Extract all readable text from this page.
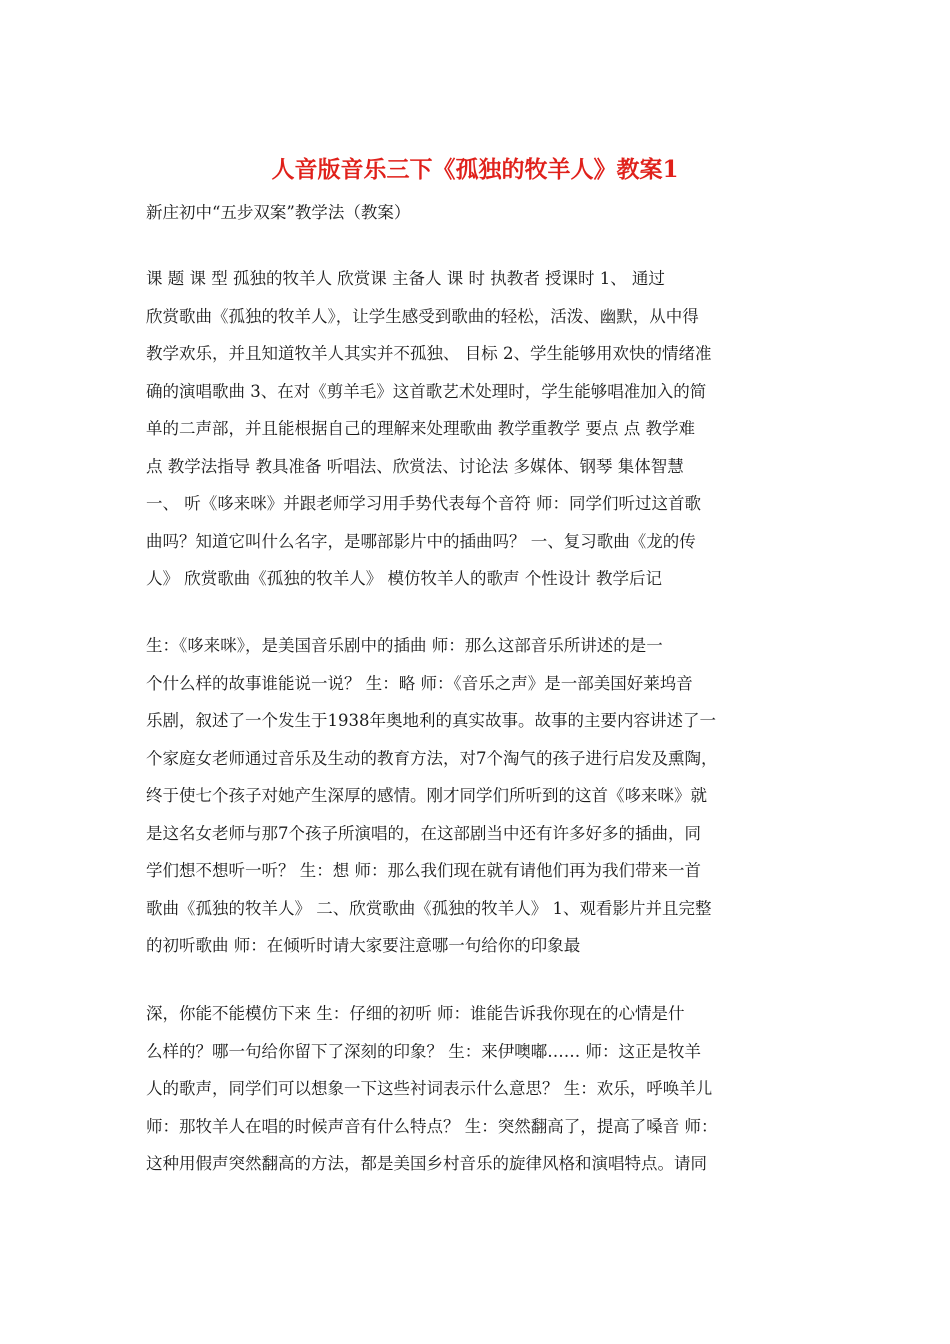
人音版音乐三下《孤独的牧羊人》教案1
新庄初中“五步双案”教学法（教案）
课 题 课 型 孤独的牧羊人 欣赏课 主备人 课 时 执教者 授课时 1、 通过
欣赏歌曲《孤独的牧羊人》，让学生感受到歌曲的轻松，活泼、幽默，从中得
教学欢乐，并且知道牧羊人其实并不孤独、 目标 2、学生能够用欢快的情绪准
确的演唱歌曲 3、在对《剪羊毛》这首歌艺术处理时，学生能够唱准加入的简
单的二声部，并且能根据自己的理解来处理歌曲 教学重教学 要点 点 教学难
点 教学法指导 教具准备 听唱法、欣赏法、讨论法 多媒体、钢琴 集体智慧
一、 听《哆来咪》并跟老师学习用手势代表每个音符 师：同学们听过这首歌
曲吗？知道它叫什么名字，是哪部影片中的插曲吗？ 一、复习歌曲《龙的传
人》 欣赏歌曲《孤独的牧羊人》 模仿牧羊人的歌声 个性设计 教学后记
生：《哆来咪》，是美国音乐剧中的插曲 师：那么这部音乐所讲述的是一
个什么样的故事谁能说一说？ 生：略 师：《音乐之声》是一部美国好莱坞音
乐剧，叙述了一个发生于1938年奥地利的真实故事。故事的主要内容讲述了一
个家庭女老师通过音乐及生动的教育方法，对7个淘气的孩子进行启发及熏陶，
终于使七个孩子对她产生深厚的感情。刚才同学们所听到的这首《哆来咪》就
是这名女老师与那7个孩子所演唱的，在这部剧当中还有许多好多的插曲，同
学们想不想听一听？ 生：想 师：那么我们现在就有请他们再为我们带来一首
歌曲《孤独的牧羊人》 二、欣赏歌曲《孤独的牧羊人》 1、观看影片并且完整
的初听歌曲 师：在倾听时请大家要注意哪一句给你的印象最
深，你能不能模仿下来 生：仔细的初听 师：谁能告诉我你现在的心情是什
么样的？哪一句给你留下了深刻的印象？ 生：来伊噢嘟…… 师：这正是牧羊
人的歌声，同学们可以想象一下这些衬词表示什么意思？ 生：欢乐，呼唤羊儿
师：那牧羊人在唱的时候声音有什么特点？ 生：突然翻高了，提高了嗓音 师：
这种用假声突然翻高的方法，都是美国乡村音乐的旋律风格和演唱特点。请同
